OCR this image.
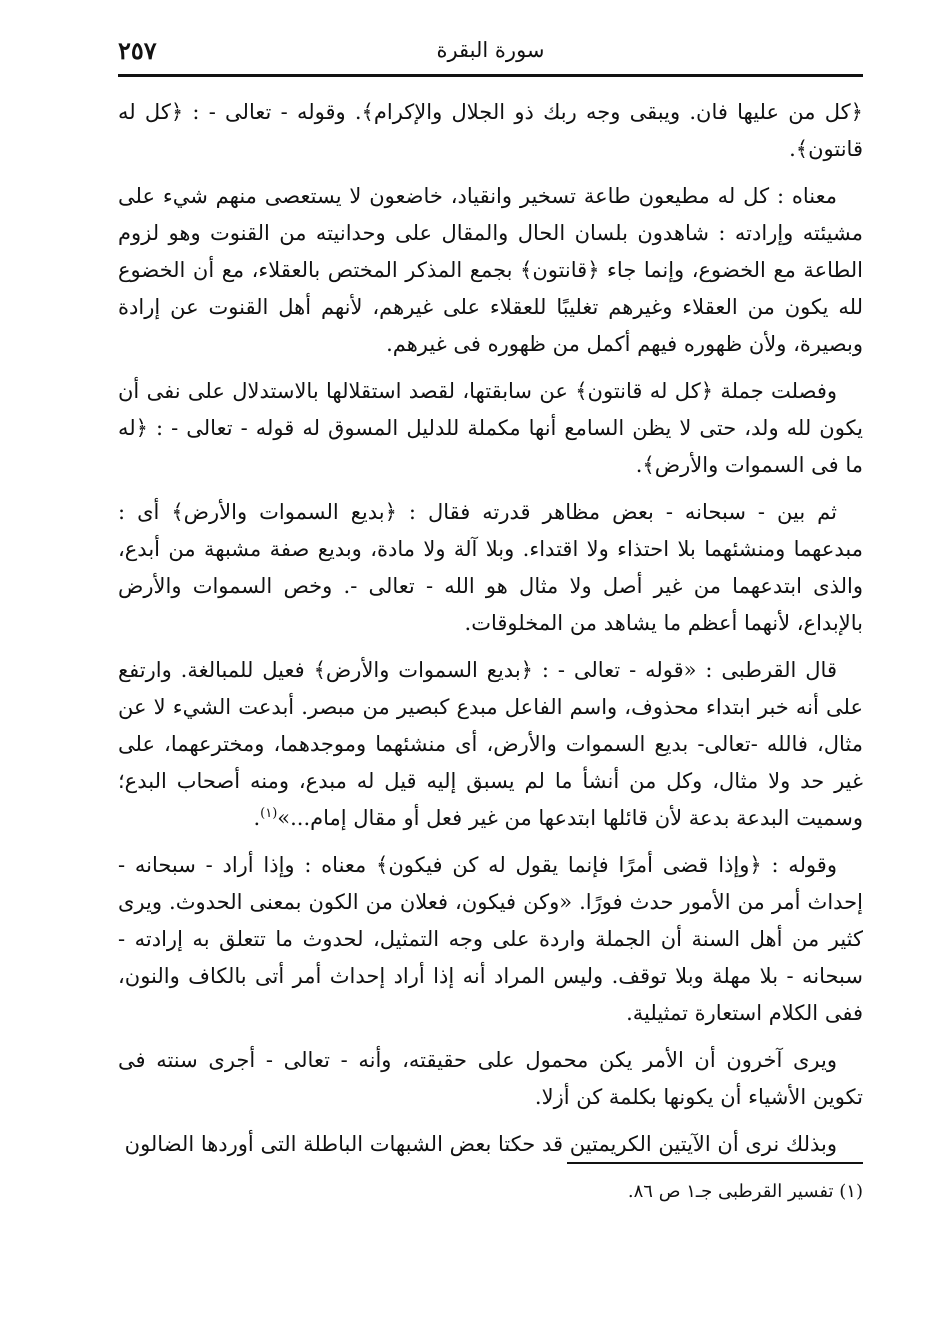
٢٥٧	سورة البقرة

﴿كل من عليها فان. ويبقى وجه ربك ذو الجلال والإكرام﴾. وقوله - تعالى - : ﴿كل له قانتون﴾.

معناه : كل له مطيعون طاعة تسخير وانقياد، خاضعون لا يستعصى منهم شيء على مشيئته وإرادته : شاهدون بلسان الحال والمقال على وحدانيته من القنوت وهو لزوم الطاعة مع الخضوع، وإنما جاء ﴿قانتون﴾ بجمع المذكر المختص بالعقلاء، مع أن الخضوع لله يكون من العقلاء وغيرهم تغليبًا للعقلاء على غيرهم، لأنهم أهل القنوت عن إرادة وبصيرة، ولأن ظهوره فيهم أكمل من ظهوره فى غيرهم.

وفصلت جملة ﴿كل له قانتون﴾ عن سابقتها، لقصد استقلالها بالاستدلال على نفى أن يكون لله ولد، حتى لا يظن السامع أنها مكملة للدليل المسوق له قوله - تعالى - : ﴿له ما فى السموات والأرض﴾.

ثم بين - سبحانه - بعض مظاهر قدرته فقال : ﴿بديع السموات والأرض﴾ أى : مبدعهما ومنشئهما بلا احتذاء ولا اقتداء. وبلا آلة ولا مادة، وبديع صفة مشبهة من أبدع، والذى ابتدعهما من غير أصل ولا مثال هو الله - تعالى -. وخص السموات والأرض بالإبداع، لأنهما أعظم ما يشاهد من المخلوقات.

قال القرطبى : «قوله - تعالى - : ﴿بديع السموات والأرض﴾ فعيل للمبالغة. وارتفع على أنه خبر ابتداء محذوف، واسم الفاعل مبدع كبصير من مبصر. أبدعت الشيء لا عن مثال، فالله -تعالى- بديع السموات والأرض، أى منشئهما وموجدهما، ومخترعهما، على غير حد ولا مثال، وكل من أنشأ ما لم يسبق إليه قيل له مبدع، ومنه أصحاب البدع؛ وسميت البدعة بدعة لأن قائلها ابتدعها من غير فعل أو مقال إمام...»$^{(١)}$.

وقوله : ﴿وإذا قضى أمرًا فإنما يقول له كن فيكون﴾ معناه : وإذا أراد - سبحانه - إحداث أمر من الأمور حدث فورًا. «وكن فيكون، فعلان من الكون بمعنى الحدوث. ويرى كثير من أهل السنة أن الجملة واردة على وجه التمثيل، لحدوث ما تتعلق به إرادته - سبحانه - بلا مهلة وبلا توقف. وليس المراد أنه إذا أراد إحداث أمر أتى بالكاف والنون، ففى الكلام استعارة تمثيلية.

ويرى آخرون أن الأمر يكن محمول على حقيقته، وأنه - تعالى - أجرى سنته فى تكوين الأشياء أن يكونها بكلمة كن أزلا.

وبذلك نرى أن الآيتين الكريمتين قد حكتا بعض الشبهات الباطلة التى أوردها الضالون

(١) تفسير القرطبى جـ١ ص ٨٦.
